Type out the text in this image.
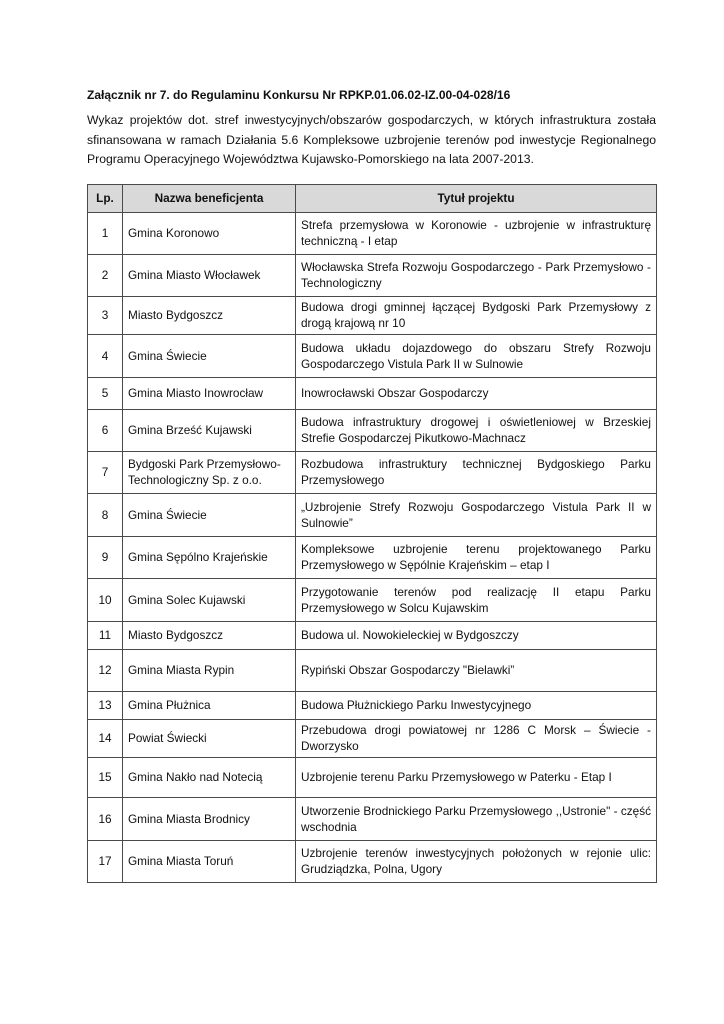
Załącznik nr 7. do Regulaminu Konkursu Nr RPKP.01.06.02-IZ.00-04-028/16

Wykaz projektów dot. stref inwestycyjnych/obszarów gospodarczych, w których infrastruktura została sfinansowana w ramach Działania 5.6 Kompleksowe uzbrojenie terenów pod inwestycje Regionalnego Programu Operacyjnego Województwa Kujawsko-Pomorskiego na lata 2007-2013.

Lp.	Nazwa beneficjenta	Tytuł projektu
1	Gmina Koronowo	Strefa przemysłowa w Koronowie - uzbrojenie w infrastrukturę techniczną - I etap
2	Gmina Miasto Włocławek	Włocławska Strefa Rozwoju Gospodarczego - Park Przemysłowo - Technologiczny
3	Miasto Bydgoszcz	Budowa drogi gminnej łączącej Bydgoski Park Przemysłowy z drogą krajową nr 10
4	Gmina Świecie	Budowa układu dojazdowego do obszaru Strefy Rozwoju Gospodarczego Vistula Park II w Sulnowie
5	Gmina Miasto Inowrocław	Inowrocławski Obszar Gospodarczy
6	Gmina Brześć Kujawski	Budowa infrastruktury drogowej i oświetleniowej w Brzeskiej Strefie Gospodarczej Pikutkowo-Machnacz
7	Bydgoski Park Przemysłowo-Technologiczny Sp. z o.o.	Rozbudowa infrastruktury technicznej Bydgoskiego Parku Przemysłowego
8	Gmina Świecie	„Uzbrojenie Strefy Rozwoju Gospodarczego Vistula Park II w Sulnowie”
9	Gmina Sępólno Krajeńskie	Kompleksowe uzbrojenie terenu projektowanego Parku Przemysłowego w Sępólnie Krajeńskim – etap I
10	Gmina Solec Kujawski	Przygotowanie terenów pod realizację II etapu Parku Przemysłowego w Solcu Kujawskim
11	Miasto Bydgoszcz	Budowa ul. Nowokieleckiej w Bydgoszczy
12	Gmina Miasta Rypin	Rypiński Obszar Gospodarczy "Bielawki”
13	Gmina Płużnica	Budowa Płużnickiego Parku Inwestycyjnego
14	Powiat Świecki	Przebudowa drogi powiatowej nr 1286 C Morsk – Świecie - Dworzysko
15	Gmina Nakło nad Notecią	Uzbrojenie terenu Parku Przemysłowego w Paterku - Etap I
16	Gmina Miasta Brodnicy	Utworzenie Brodnickiego Parku Przemysłowego ,,Ustronie" - część wschodnia
17	Gmina Miasta Toruń	Uzbrojenie terenów inwestycyjnych położonych w rejonie ulic: Grudziądzka, Polna, Ugory
